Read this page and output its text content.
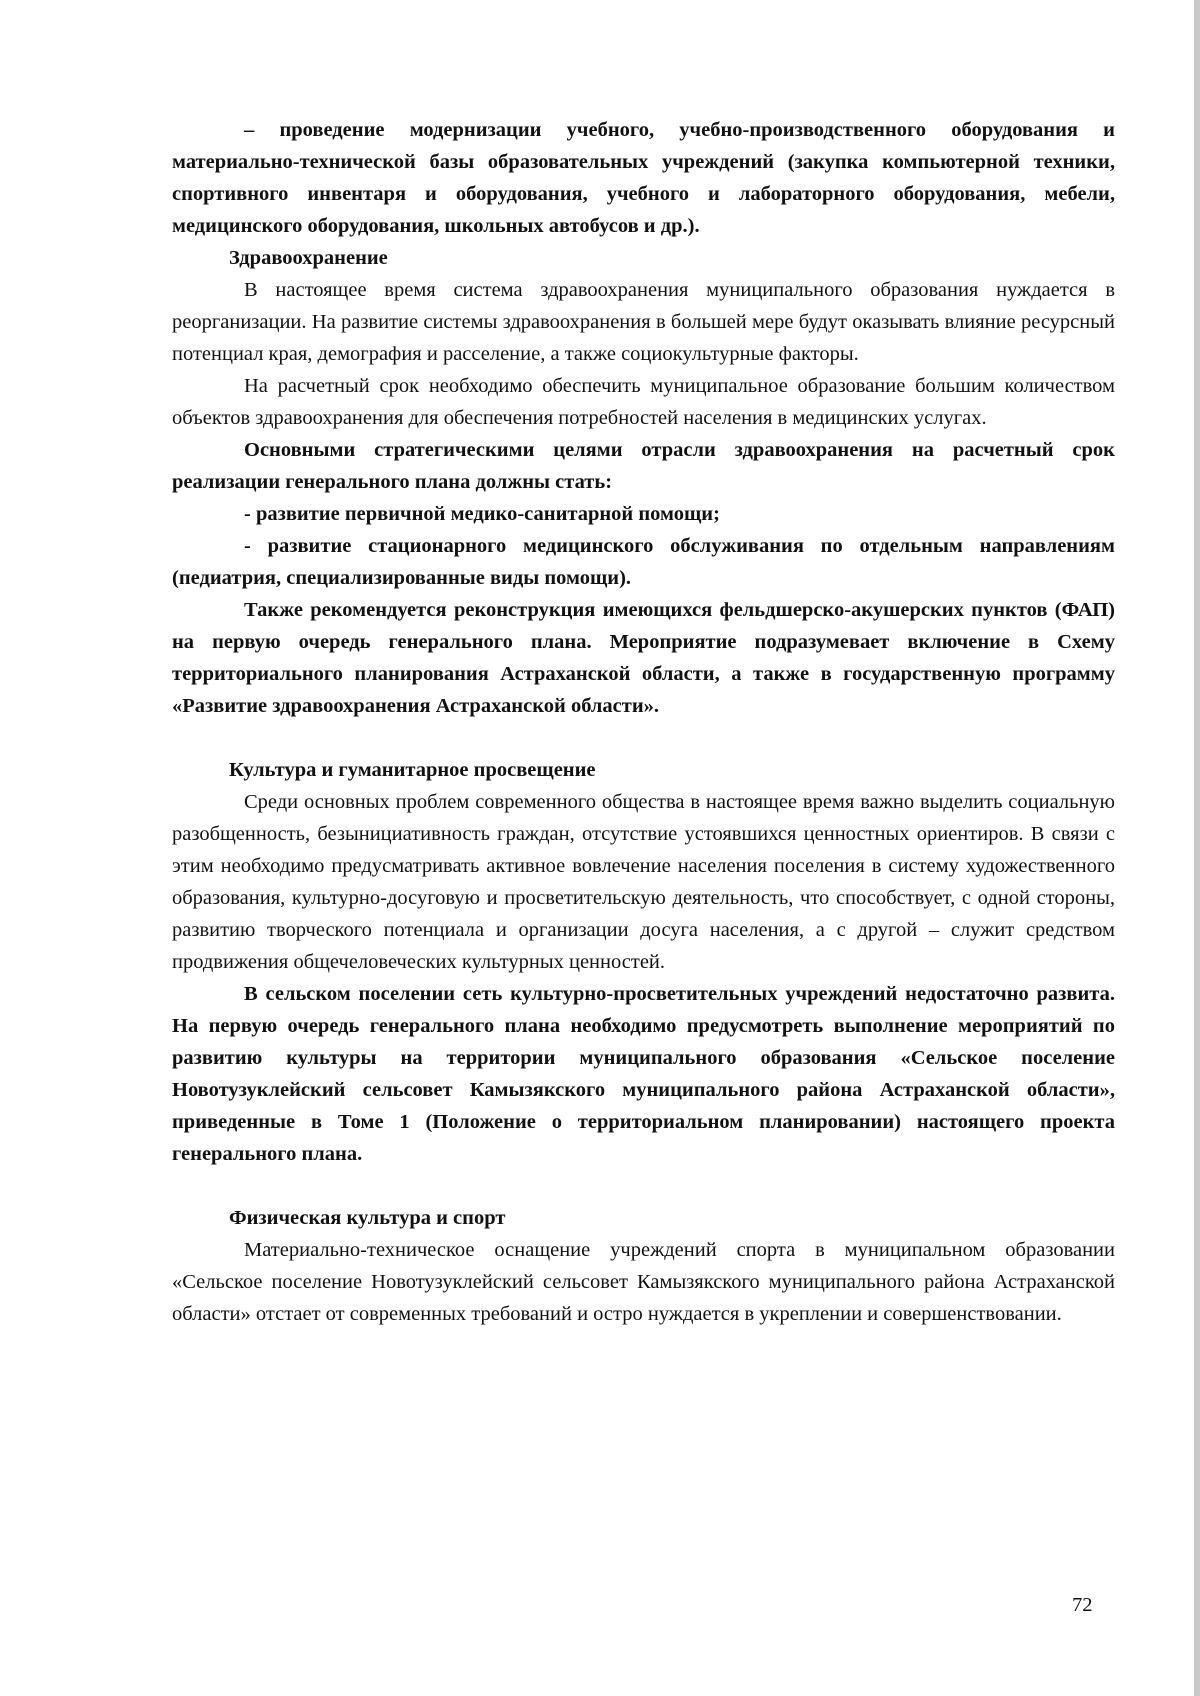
– проведение модернизации учебного, учебно-производственного оборудования и материально-технической базы образовательных учреждений (закупка компьютерной техники, спортивного инвентаря и оборудования, учебного и лабораторного оборудования, мебели, медицинского оборудования, школьных автобусов и др.).

Здравоохранение

В настоящее время система здравоохранения муниципального образования нуждается в реорганизации. На развитие системы здравоохранения в большей мере будут оказывать влияние ресурсный потенциал края, демография и расселение, а также социокультурные факторы.

На расчетный срок необходимо обеспечить муниципальное образование большим количеством объектов здравоохранения для обеспечения потребностей населения в медицинских услугах.

Основными стратегическими целями отрасли здравоохранения на расчетный срок реализации генерального плана должны стать:

- развитие первичной медико-санитарной помощи;

- развитие стационарного медицинского обслуживания по отдельным направлениям (педиатрия, специализированные виды помощи).

Также рекомендуется реконструкция имеющихся фельдшерско-акушерских пунктов (ФАП) на первую очередь генерального плана. Мероприятие подразумевает включение в Схему территориального планирования Астраханской области, а также в государственную программу «Развитие здравоохранения Астраханской области».

Культура и гуманитарное просвещение

Среди основных проблем современного общества в настоящее время важно выделить социальную разобщенность, безынициативность граждан, отсутствие устоявшихся ценностных ориентиров. В связи с этим необходимо предусматривать активное вовлечение населения поселения в систему художественного образования, культурно-досуговую и просветительскую деятельность, что способствует, с одной стороны, развитию творческого потенциала и организации досуга населения, а с другой – служит средством продвижения общечеловеческих культурных ценностей.

В сельском поселении сеть культурно-просветительных учреждений недостаточно развита. На первую очередь генерального плана необходимо предусмотреть выполнение мероприятий по развитию культуры на территории муниципального образования «Сельское поселение Новотузуклейский сельсовет Камызякского муниципального района Астраханской области», приведенные в Томе 1 (Положение о территориальном планировании) настоящего проекта генерального плана.

Физическая культура и спорт

Материально-техническое оснащение учреждений спорта в муниципальном образовании «Сельское поселение Новотузуклейский сельсовет Камызякского муниципального района Астраханской области» отстает от современных требований и остро нуждается в укреплении и совершенствовании.

72
